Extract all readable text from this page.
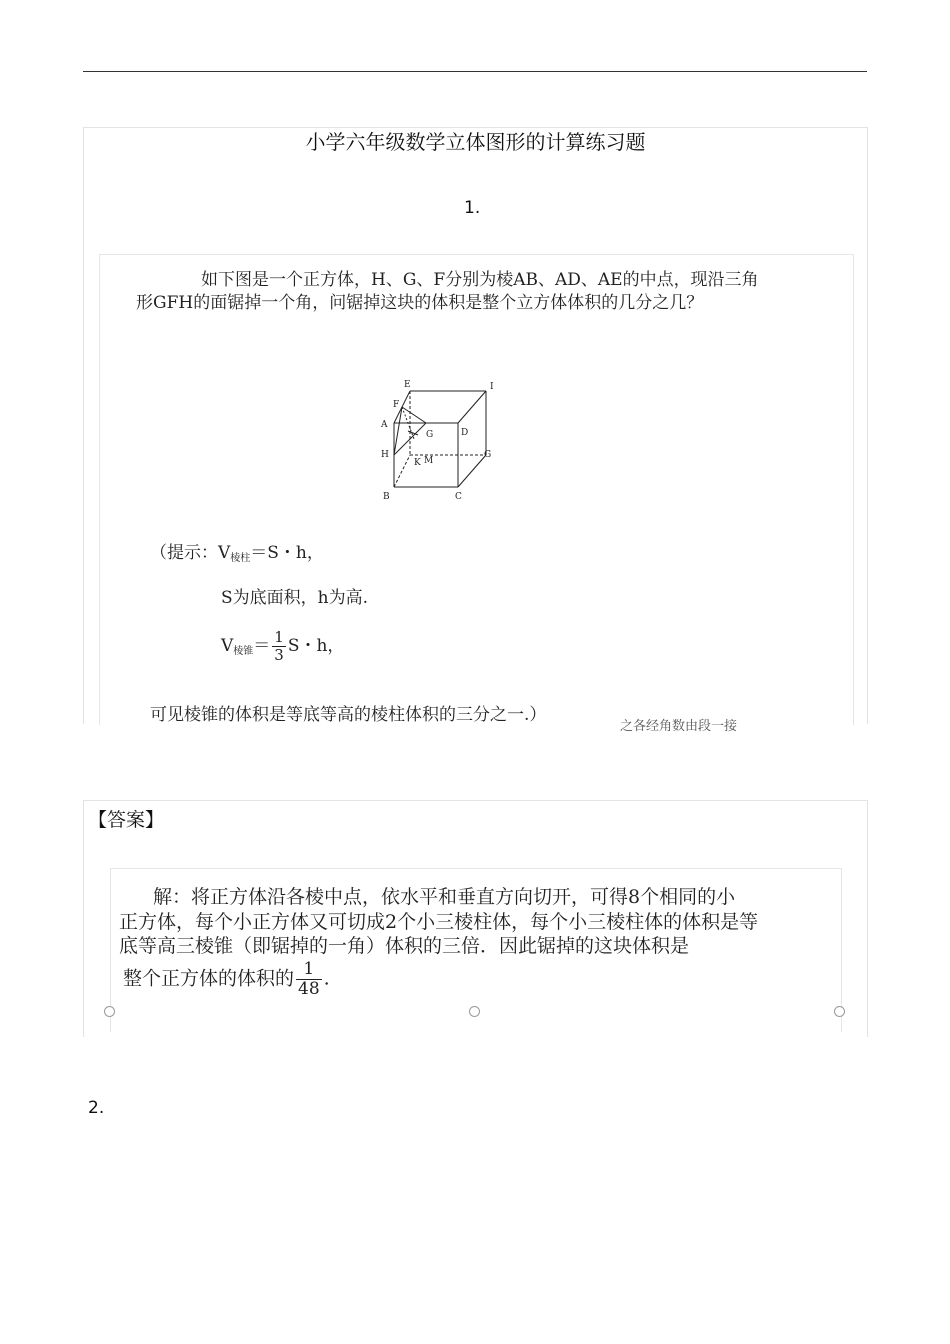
小学六年级数学立体图形的计算练习题
1.
如下图是一个正方体，H、G、F分别为棱AB、AD、AE的中点，现沿三角
形GFH的面锯掉一个角，问锯掉这块的体积是整个立方体体积的几分之几？
E	I
F
A
G	D
H
K M
G
B	C
（提示：$V_{棱柱}=S$・h，
S为底面积，h为高.
$V_{棱锥}= \frac{1}{3}$ S・h，
可见棱锥的体积是等底等高的棱柱体积的三分之一.）
之各经角数由段一接
【答案】
解：将正方体沿各棱中点，依水平和垂直方向切开，可得8个相同的小
正方体，每个小正方体又可切成2个小三棱柱体，每个小三棱柱体的体积是等
底等高三棱锥（即锯掉的一角）体积的三倍．因此锯掉的这块体积是
整个正方体的体积的 $\frac{1}{48}$ .
2.
